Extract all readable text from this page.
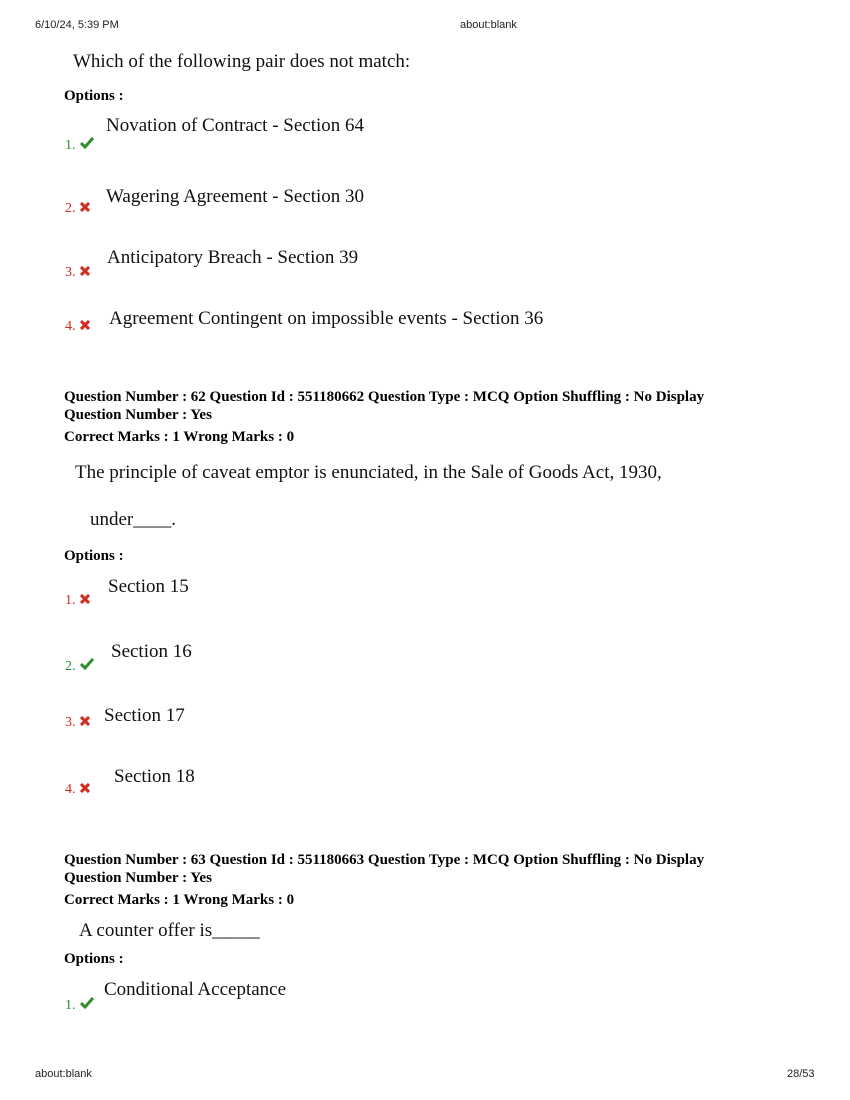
6/10/24, 5:39 PM	about:blank
Which of the following pair does not match:
Options :
1.
Novation of Contract - Section 64
2.
Wagering Agreement - Section 30
3.
Anticipatory Breach - Section 39
4.	Agreement Contingent on impossible events - Section 36
Question Number : 62 Question Id : 551180662 Question Type : MCQ Option Shuffling : No Display
Question Number : Yes
Correct Marks : 1 Wrong Marks : 0
The principle of caveat emptor is enunciated, in the Sale of Goods Act, 1930,
under____.
Options :
1.
Section 15
2.
Section 16
3.	Section 17
4.
Section 18
Question Number : 63 Question Id : 551180663 Question Type : MCQ Option Shuffling : No Display
Question Number : Yes
Correct Marks : 1 Wrong Marks : 0
A counter offer is_____
Options :
1.
Conditional Acceptance
about:blank	28/53
